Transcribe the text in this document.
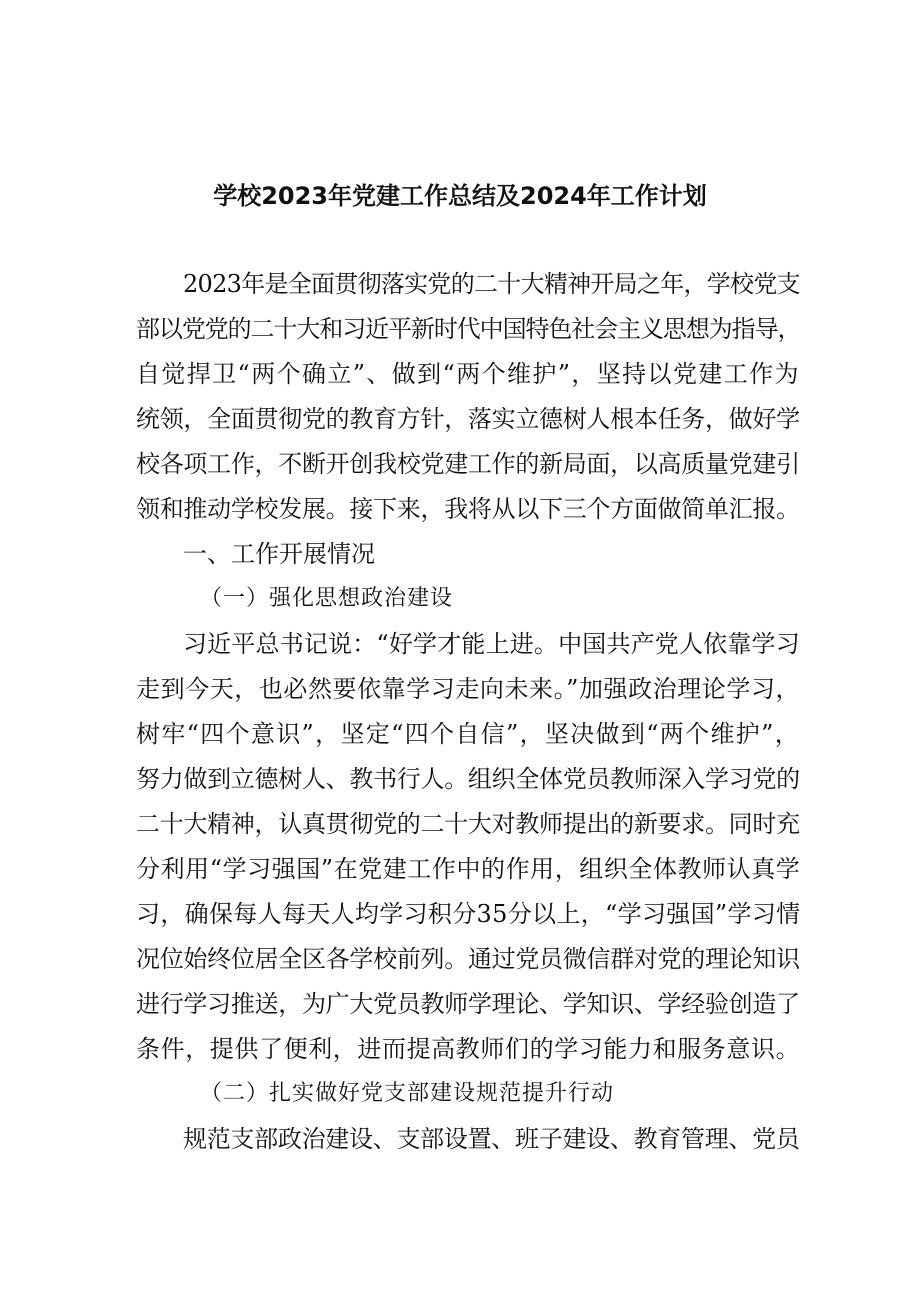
学校2023年党建工作总结及2024年工作计划
2023年是全面贯彻落实党的二十大精神开局之年，学校党支
部以党党的二十大和习近平新时代中国特色社会主义思想为指导，
自觉捍卫“两个确立”、做到“两个维护”，坚持以党建工作为
统领，全面贯彻党的教育方针，落实立德树人根本任务，做好学
校各项工作，不断开创我校党建工作的新局面，以高质量党建引
领和推动学校发展。接下来，我将从以下三个方面做简单汇报。
一、工作开展情况
（一）强化思想政治建设
习近平总书记说：“好学才能上进。中国共产党人依靠学习
走到今天，也必然要依靠学习走向未来。”加强政治理论学习，
树牢“四个意识”，坚定“四个自信”，坚决做到“两个维护”，
努力做到立德树人、教书行人。组织全体党员教师深入学习党的
二十大精神，认真贯彻党的二十大对教师提出的新要求。同时充
分利用“学习强国”在党建工作中的作用，组织全体教师认真学
习，确保每人每天人均学习积分35分以上，“学习强国”学习情
况位始终位居全区各学校前列。通过党员微信群对党的理论知识
进行学习推送，为广大党员教师学理论、学知识、学经验创造了
条件，提供了便利，进而提高教师们的学习能力和服务意识。
（二）扎实做好党支部建设规范提升行动
规范支部政治建设、支部设置、班子建设、教育管理、党员
